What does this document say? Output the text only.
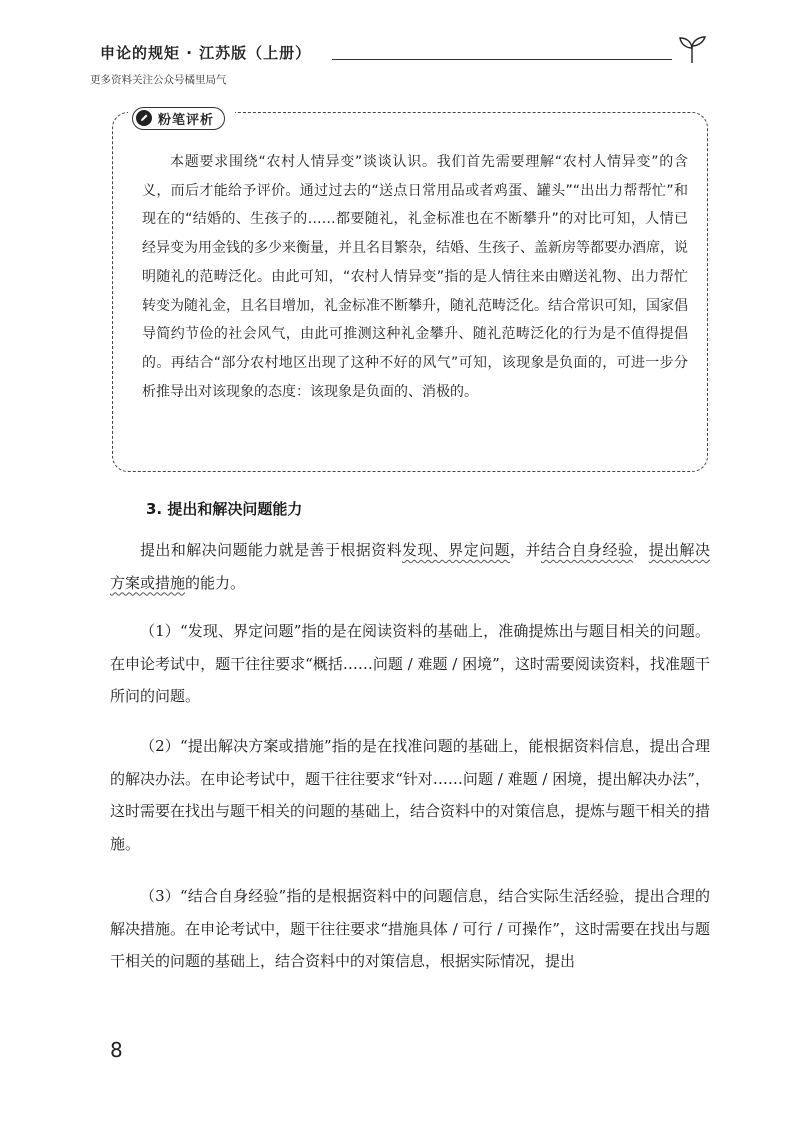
申论的规矩 · 江苏版（上册）
更多资料关注公众号橘里局气
粉笔评析

本题要求围绕“农村人情异变”谈谈认识。我们首先需要理解“农村人情异变”的含义，而后才能给予评价。通过过去的“送点日常用品或者鸡蛋、罐头”“出出力帮帮忙”和现在的“结婚的、生孩子的……都要随礼，礼金标准也在不断攀升”的对比可知，人情已经异变为用金钱的多少来衡量，并且名目繁杂，结婚、生孩子、盖新房等都要办酒席，说明随礼的范畴泛化。由此可知，“农村人情异变”指的是人情往来由赠送礼物、出力帮忙转变为随礼金，且名目增加，礼金标准不断攀升，随礼范畴泛化。结合常识可知，国家倡导简约节俭的社会风气，由此可推测这种礼金攀升、随礼范畴泛化的行为是不值得提倡的。再结合“部分农村地区出现了这种不好的风气”可知，该现象是负面的，可进一步分析推导出对该现象的态度：该现象是负面的、消极的。

3. 提出和解决问题能力

提出和解决问题能力就是善于根据资料发现、界定问题，并结合自身经验，提出解决方案或措施的能力。

（1）“发现、界定问题”指的是在阅读资料的基础上，准确提炼出与题目相关的问题。在申论考试中，题干往往要求“概括……问题 / 难题 / 困境”，这时需要阅读资料，找准题干所问的问题。

（2）“提出解决方案或措施”指的是在找准问题的基础上，能根据资料信息，提出合理的解决办法。在申论考试中，题干往往要求“针对……问题 / 难题 / 困境，提出解决办法”，这时需要在找出与题干相关的问题的基础上，结合资料中的对策信息，提炼与题干相关的措施。

（3）“结合自身经验”指的是根据资料中的问题信息，结合实际生活经验，提出合理的解决措施。在申论考试中，题干往往要求“措施具体 / 可行 / 可操作”，这时需要在找出与题干相关的问题的基础上，结合资料中的对策信息，根据实际情况，提出

8
